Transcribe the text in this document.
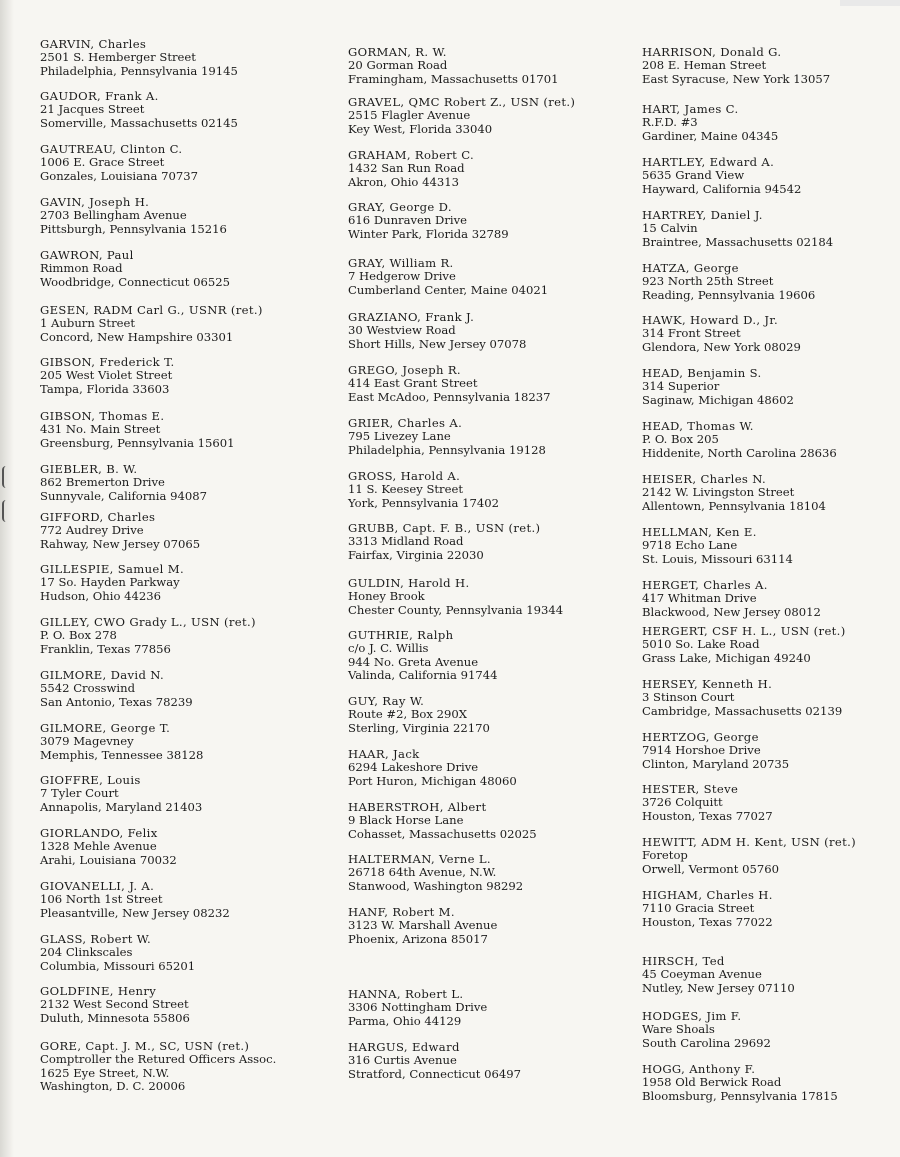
GARVIN, Charles
2501 S. Hemberger Street
Philadelphia, Pennsylvania 19145
GAUDOR, Frank A.
21 Jacques Street
Somerville, Massachusetts 02145
GAUTREAU, Clinton C.
1006 E. Grace Street
Gonzales, Louisiana 70737
GAVIN, Joseph H.
2703 Bellingham Avenue
Pittsburgh, Pennsylvania 15216
GAWRON, Paul
Rimmon Road
Woodbridge, Connecticut 06525
GESEN, RADM Carl G., USNR (ret.)
1 Auburn Street
Concord, New Hampshire 03301
GIBSON, Frederick T.
205 West Violet Street
Tampa, Florida 33603
GIBSON, Thomas E.
431 No. Main Street
Greensburg, Pennsylvania 15601
GIEBLER, B. W.
862 Bremerton Drive
Sunnyvale, California 94087
GIFFORD, Charles
772 Audrey Drive
Rahway, New Jersey 07065
GILLESPIE, Samuel M.
17 So. Hayden Parkway
Hudson, Ohio 44236
GILLEY, CWO Grady L., USN (ret.)
P. O. Box 278
Franklin, Texas 77856
GILMORE, David N.
5542 Crosswind
San Antonio, Texas 78239
GILMORE, George T.
3079 Magevney
Memphis, Tennessee 38128
GIOFFRE, Louis
7 Tyler Court
Annapolis, Maryland 21403
GIORLANDO, Felix
1328 Mehle Avenue
Arahi, Louisiana 70032
GIOVANELLI, J. A.
106 North 1st Street
Pleasantville, New Jersey 08232
GLASS, Robert W.
204 Clinkscales
Columbia, Missouri 65201
GOLDFINE, Henry
2132 West Second Street
Duluth, Minnesota 55806
GORE, Capt. J. M., SC, USN (ret.)
Comptroller the Retured Officers Assoc.
1625 Eye Street, N.W.
Washington, D. C. 20006
GORMAN, R. W.
20 Gorman Road
Framingham, Massachusetts 01701
GRAVEL, QMC Robert Z., USN (ret.)
2515 Flagler Avenue
Key West, Florida 33040
GRAHAM, Robert C.
1432 San Run Road
Akron, Ohio 44313
GRAY, George D.
616 Dunraven Drive
Winter Park, Florida 32789
GRAY, William R.
7 Hedgerow Drive
Cumberland Center, Maine 04021
GRAZIANO, Frank J.
30 Westview Road
Short Hills, New Jersey 07078
GREGO, Joseph R.
414 East Grant Street
East McAdoo, Pennsylvania 18237
GRIER, Charles A.
795 Livezey Lane
Philadelphia, Pennsylvania 19128
GROSS, Harold A.
11 S. Keesey Street
York, Pennsylvania 17402
GRUBB, Capt. F. B., USN (ret.)
3313 Midland Road
Fairfax, Virginia 22030
GULDIN, Harold H.
Honey Brook
Chester County, Pennsylvania 19344
GUTHRIE, Ralph
c/o J. C. Willis
944 No. Greta Avenue
Valinda, California 91744
GUY, Ray W.
Route #2, Box 290X
Sterling, Virginia 22170
HAAR, Jack
6294 Lakeshore Drive
Port Huron, Michigan 48060
HABERSTROH, Albert
9 Black Horse Lane
Cohasset, Massachusetts 02025
HALTERMAN, Verne L.
26718 64th Avenue, N.W.
Stanwood, Washington 98292
HANF, Robert M.
3123 W. Marshall Avenue
Phoenix, Arizona 85017
HANNA, Robert L.
3306 Nottingham Drive
Parma, Ohio 44129
HARGUS, Edward
316 Curtis Avenue
Stratford, Connecticut 06497
HARRISON, Donald G.
208 E. Heman Street
East Syracuse, New York 13057
HART, James C.
R.F.D. #3
Gardiner, Maine 04345
HARTLEY, Edward A.
5635 Grand View
Hayward, California 94542
HARTREY, Daniel J.
15 Calvin
Braintree, Massachusetts 02184
HATZA, George
923 North 25th Street
Reading, Pennsylvania 19606
HAWK, Howard D., Jr.
314 Front Street
Glendora, New York 08029
HEAD, Benjamin S.
314 Superior
Saginaw, Michigan 48602
HEAD, Thomas W.
P. O. Box 205
Hiddenite, North Carolina 28636
HEISER, Charles N.
2142 W. Livingston Street
Allentown, Pennsylvania 18104
HELLMAN, Ken E.
9718 Echo Lane
St. Louis, Missouri 63114
HERGET, Charles A.
417 Whitman Drive
Blackwood, New Jersey 08012
HERGERT, CSF H. L., USN (ret.)
5010 So. Lake Road
Grass Lake, Michigan 49240
HERSEY, Kenneth H.
3 Stinson Court
Cambridge, Massachusetts 02139
HERTZOG, George
7914 Horshoe Drive
Clinton, Maryland 20735
HESTER, Steve
3726 Colquitt
Houston, Texas 77027
HEWITT, ADM H. Kent, USN (ret.)
Foretop
Orwell, Vermont 05760
HIGHAM, Charles H.
7110 Gracia Street
Houston, Texas 77022
HIRSCH, Ted
45 Coeyman Avenue
Nutley, New Jersey 07110
HODGES, Jim F.
Ware Shoals
South Carolina 29692
HOGG, Anthony F.
1958 Old Berwick Road
Bloomsburg, Pennsylvania 17815
